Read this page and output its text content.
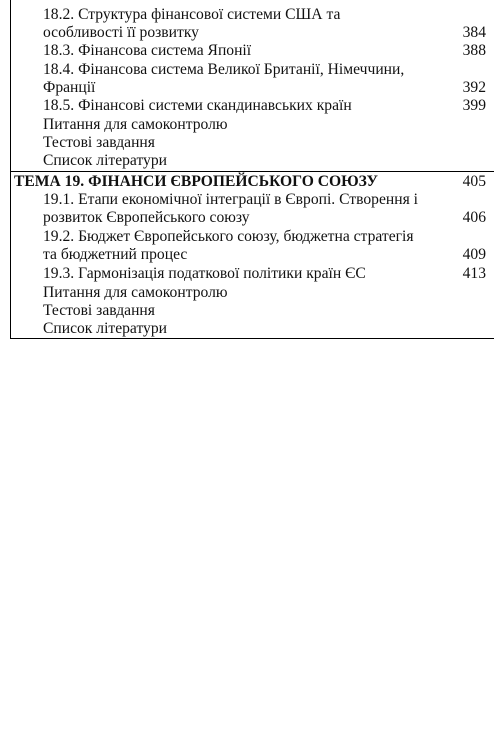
18.2. Структура фінансової системи США та
особливості її розвитку	384
18.3. Фінансова система Японії	388
18.4. Фінансова система Великої Британії, Німеччини,
Франції	392
18.5. Фінансові системи скандинавських країн	399
Питання для самоконтролю
Тестові завдання
Список літератури
ТЕМА 19. ФІНАНСИ ЄВРОПЕЙСЬКОГО СОЮЗУ	405
19.1. Етапи економічної інтеграції в Європі. Створення і
розвиток Європейського союзу	406
19.2. Бюджет Європейського союзу, бюджетна стратегія
та бюджетний процес	409
19.3. Гармонізація податкової політики країн ЄС	413
Питання для самоконтролю
Тестові завдання
Список літератури
